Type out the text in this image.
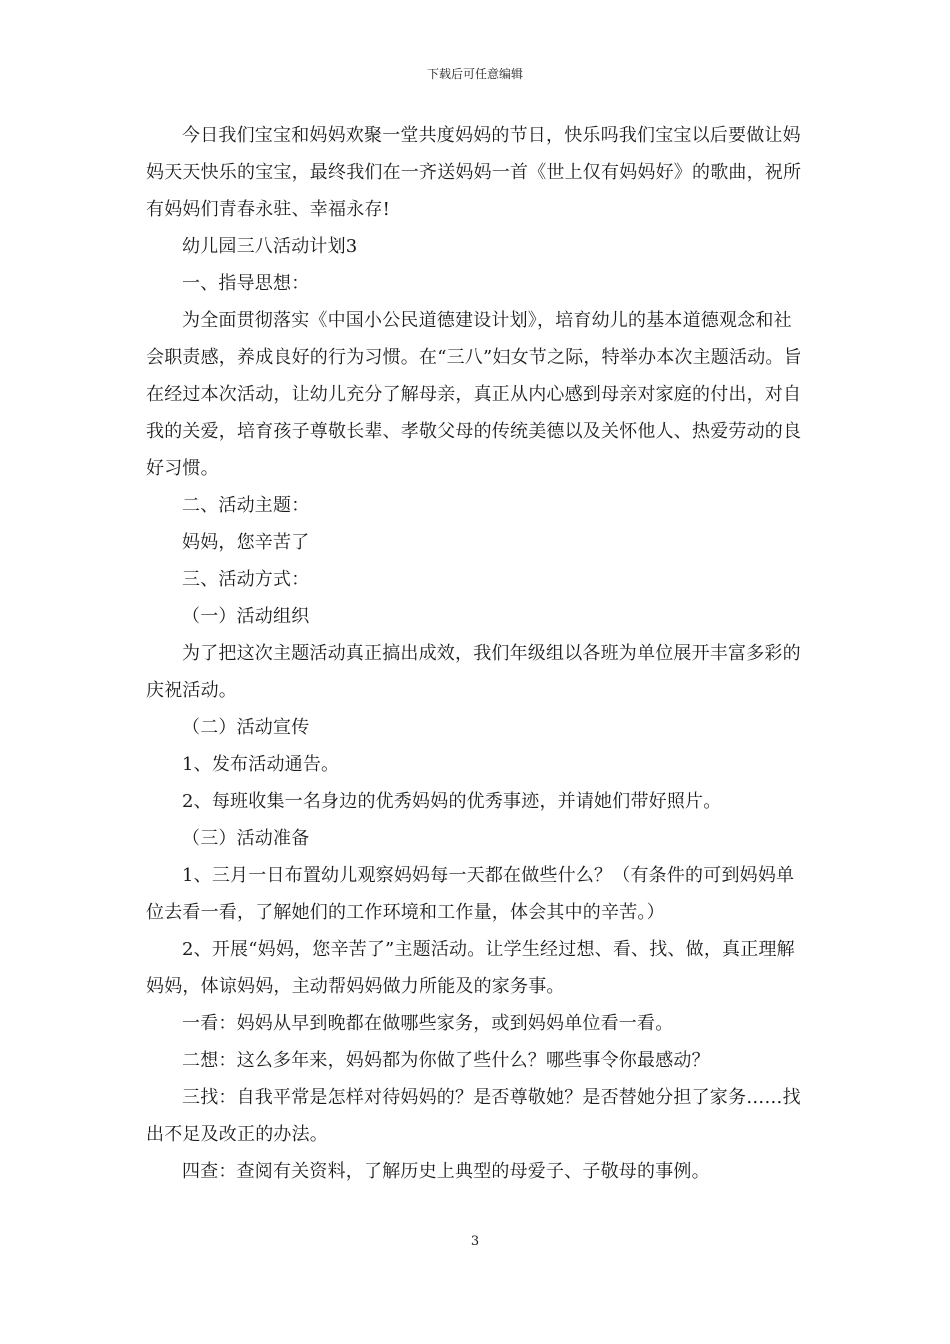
下载后可任意编辑

今日我们宝宝和妈妈欢聚一堂共度妈妈的节日，快乐吗我们宝宝以后要做让妈妈天天快乐的宝宝，最终我们在一齐送妈妈一首《世上仅有妈妈好》的歌曲，祝所有妈妈们青春永驻、幸福永存!

幼儿园三八活动计划3

一、指导思想：

为全面贯彻落实《中国小公民道德建设计划》，培育幼儿的基本道德观念和社会职责感，养成良好的行为习惯。在“三八”妇女节之际，特举办本次主题活动。旨在经过本次活动，让幼儿充分了解母亲，真正从内心感到母亲对家庭的付出，对自我的关爱，培育孩子尊敬长辈、孝敬父母的传统美德以及关怀他人、热爱劳动的良好习惯。

二、活动主题：

妈妈，您辛苦了

三、活动方式：

（一）活动组织

为了把这次主题活动真正搞出成效，我们年级组以各班为单位展开丰富多彩的庆祝活动。

（二）活动宣传

1、发布活动通告。

2、每班收集一名身边的优秀妈妈的优秀事迹，并请她们带好照片。

（三）活动准备

1、三月一日布置幼儿观察妈妈每一天都在做些什么？（有条件的可到妈妈单位去看一看，了解她们的工作环境和工作量，体会其中的辛苦。）

2、开展“妈妈，您辛苦了”主题活动。让学生经过想、看、找、做，真正理解妈妈，体谅妈妈，主动帮妈妈做力所能及的家务事。

一看：妈妈从早到晚都在做哪些家务，或到妈妈单位看一看。

二想：这么多年来，妈妈都为你做了些什么？哪些事令你最感动？

三找：自我平常是怎样对待妈妈的？是否尊敬她？是否替她分担了家务……找出不足及改正的办法。

四查：查阅有关资料，了解历史上典型的母爱子、子敬母的事例。

3
